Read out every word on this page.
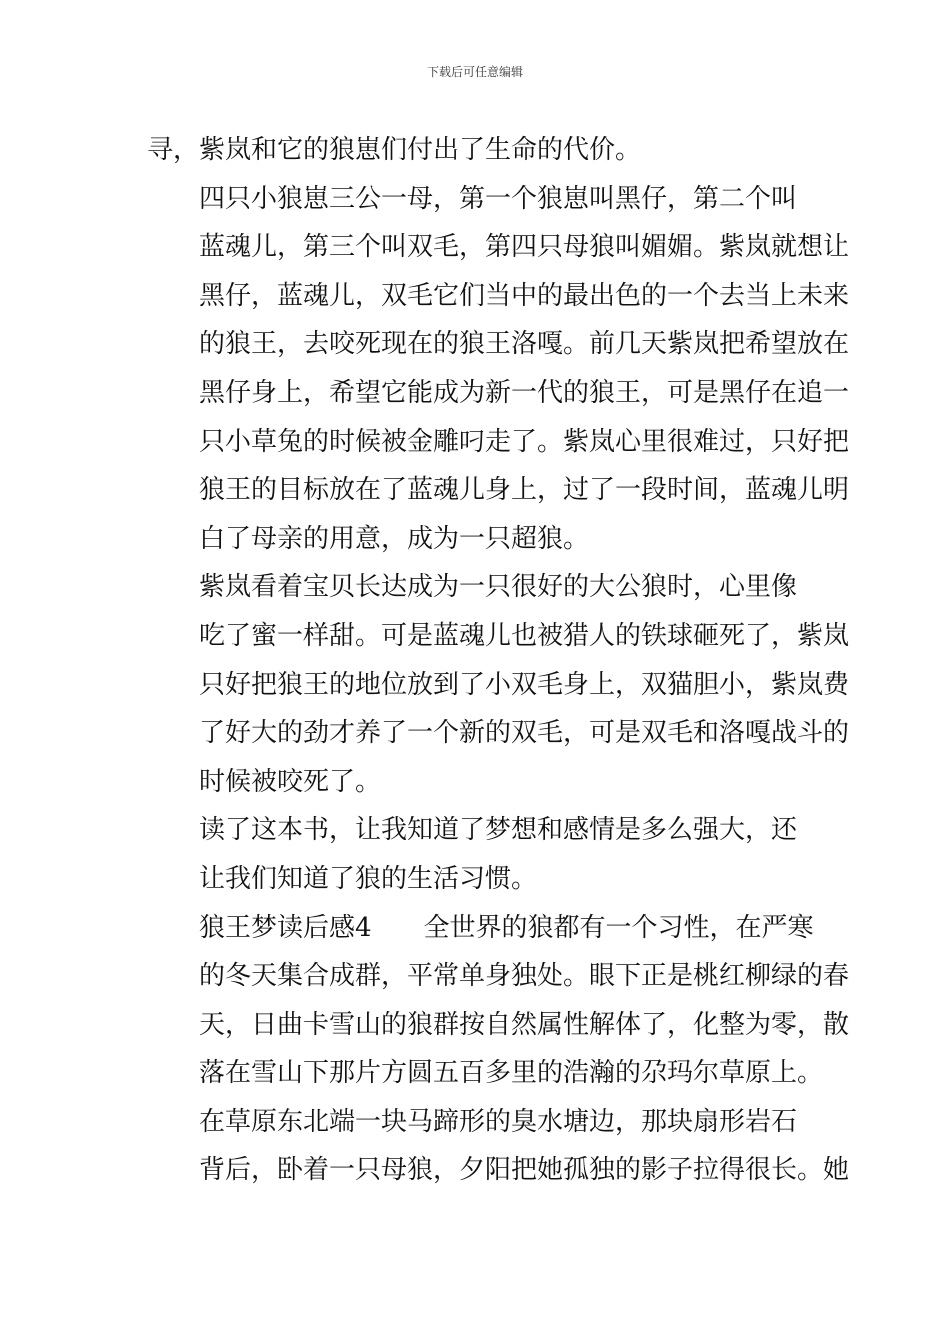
下载后可任意编辑

寻，紫岚和它的狼崽们付出了生命的代价。

四只小狼崽三公一母，第一个狼崽叫黑仔，第二个叫
蓝魂儿，第三个叫双毛，第四只母狼叫媚媚。紫岚就想让
黑仔，蓝魂儿，双毛它们当中的最出色的一个去当上未来
的狼王，去咬死现在的狼王洛嘎。前几天紫岚把希望放在
黑仔身上，希望它能成为新一代的狼王，可是黑仔在追一
只小草兔的时候被金雕叼走了。紫岚心里很难过，只好把
狼王的目标放在了蓝魂儿身上，过了一段时间，蓝魂儿明
白了母亲的用意，成为一只超狼。

紫岚看着宝贝长达成为一只很好的大公狼时，心里像
吃了蜜一样甜。可是蓝魂儿也被猎人的铁球砸死了，紫岚
只好把狼王的地位放到了小双毛身上，双猫胆小，紫岚费
了好大的劲才养了一个新的双毛，可是双毛和洛嘎战斗的
时候被咬死了。

读了这本书，让我知道了梦想和感情是多么强大，还
让我们知道了狼的生活习惯。

狼王梦读后感4　　全世界的狼都有一个习性，在严寒
的冬天集合成群，平常单身独处。眼下正是桃红柳绿的春
天，日曲卡雪山的狼群按自然属性解体了，化整为零，散
落在雪山下那片方圆五百多里的浩瀚的尕玛尔草原上。

在草原东北端一块马蹄形的臭水塘边，那块扇形岩石
背后，卧着一只母狼，夕阳把她孤独的影子拉得很长。她
